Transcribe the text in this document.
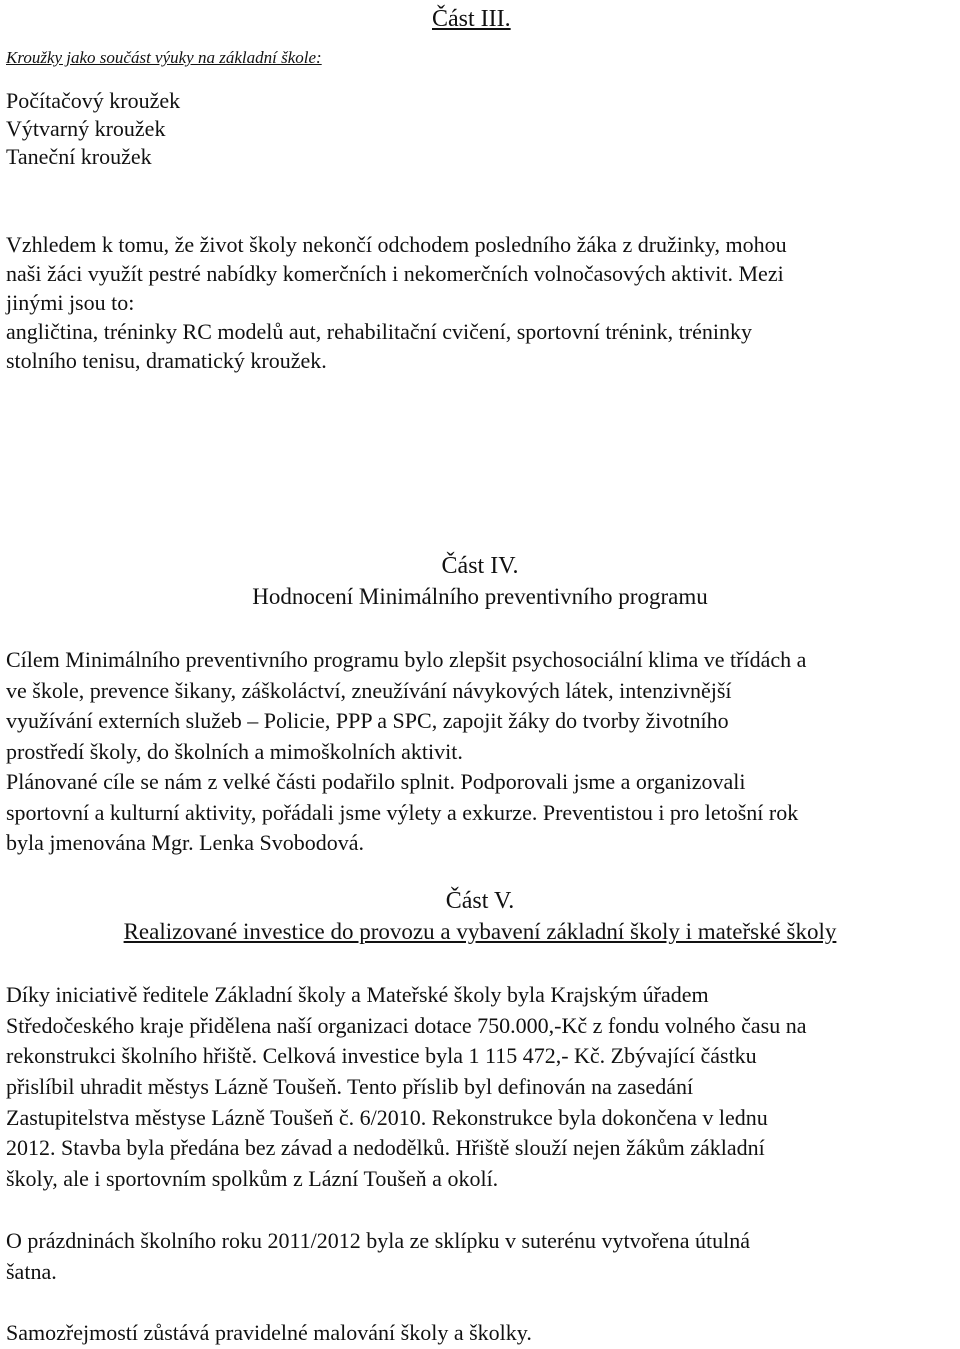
Kroužky jako součást výuky na základní škole:
Část III.
Počítačový kroužek
Výtvarný kroužek
Taneční kroužek
Vzhledem k tomu, že život školy nekončí odchodem posledního žáka z družinky, mohou
naši žáci využít pestré nabídky komerčních i nekomerčních volnočasových aktivit. Mezi
jinými jsou to:
angličtina, tréninky RC modelů aut, rehabilitační cvičení, sportovní trénink, tréninky
stolního tenisu, dramatický kroužek.
Část IV.
Hodnocení Minimálního preventivního programu
Cílem Minimálního preventivního programu bylo zlepšit psychosociální klima ve třídách a
ve škole, prevence šikany, záškoláctví, zneužívání návykových látek, intenzivnější
využívání externích služeb – Policie, PPP a SPC, zapojit žáky do tvorby životního
prostředí školy, do školních a mimoškolních aktivit.
Plánované cíle se nám z velké části podařilo splnit. Podporovali jsme a organizovali
sportovní a kulturní aktivity, pořádali jsme výlety a exkurze. Preventistou i pro letošní rok
byla jmenována Mgr. Lenka Svobodová.
Část V.
Realizované investice do provozu a vybavení základní školy i mateřské školy
Díky iniciativě ředitele Základní školy a Mateřské školy byla Krajským úřadem
Středočeského kraje přidělena naší organizaci dotace 750.000,-Kč z fondu volného času na
rekonstrukci školního hřiště. Celková investice byla 1 115 472,- Kč. Zbývající částku
přislíbil uhradit městys Lázně Toušeň. Tento příslib byl definován na zasedání
Zastupitelstva městyse Lázně Toušeň č. 6/2010. Rekonstrukce byla dokončena v lednu
2012. Stavba byla předána bez závad a nedodělků. Hřiště slouží nejen žákům základní
školy, ale i sportovním spolkům z Lázní Toušeň a okolí.
O prázdninách školního roku 2011/2012 byla ze sklípku v suterénu vytvořena útulná
šatna.
Samozřejmostí zůstává pravidelné malování školy a školky.
